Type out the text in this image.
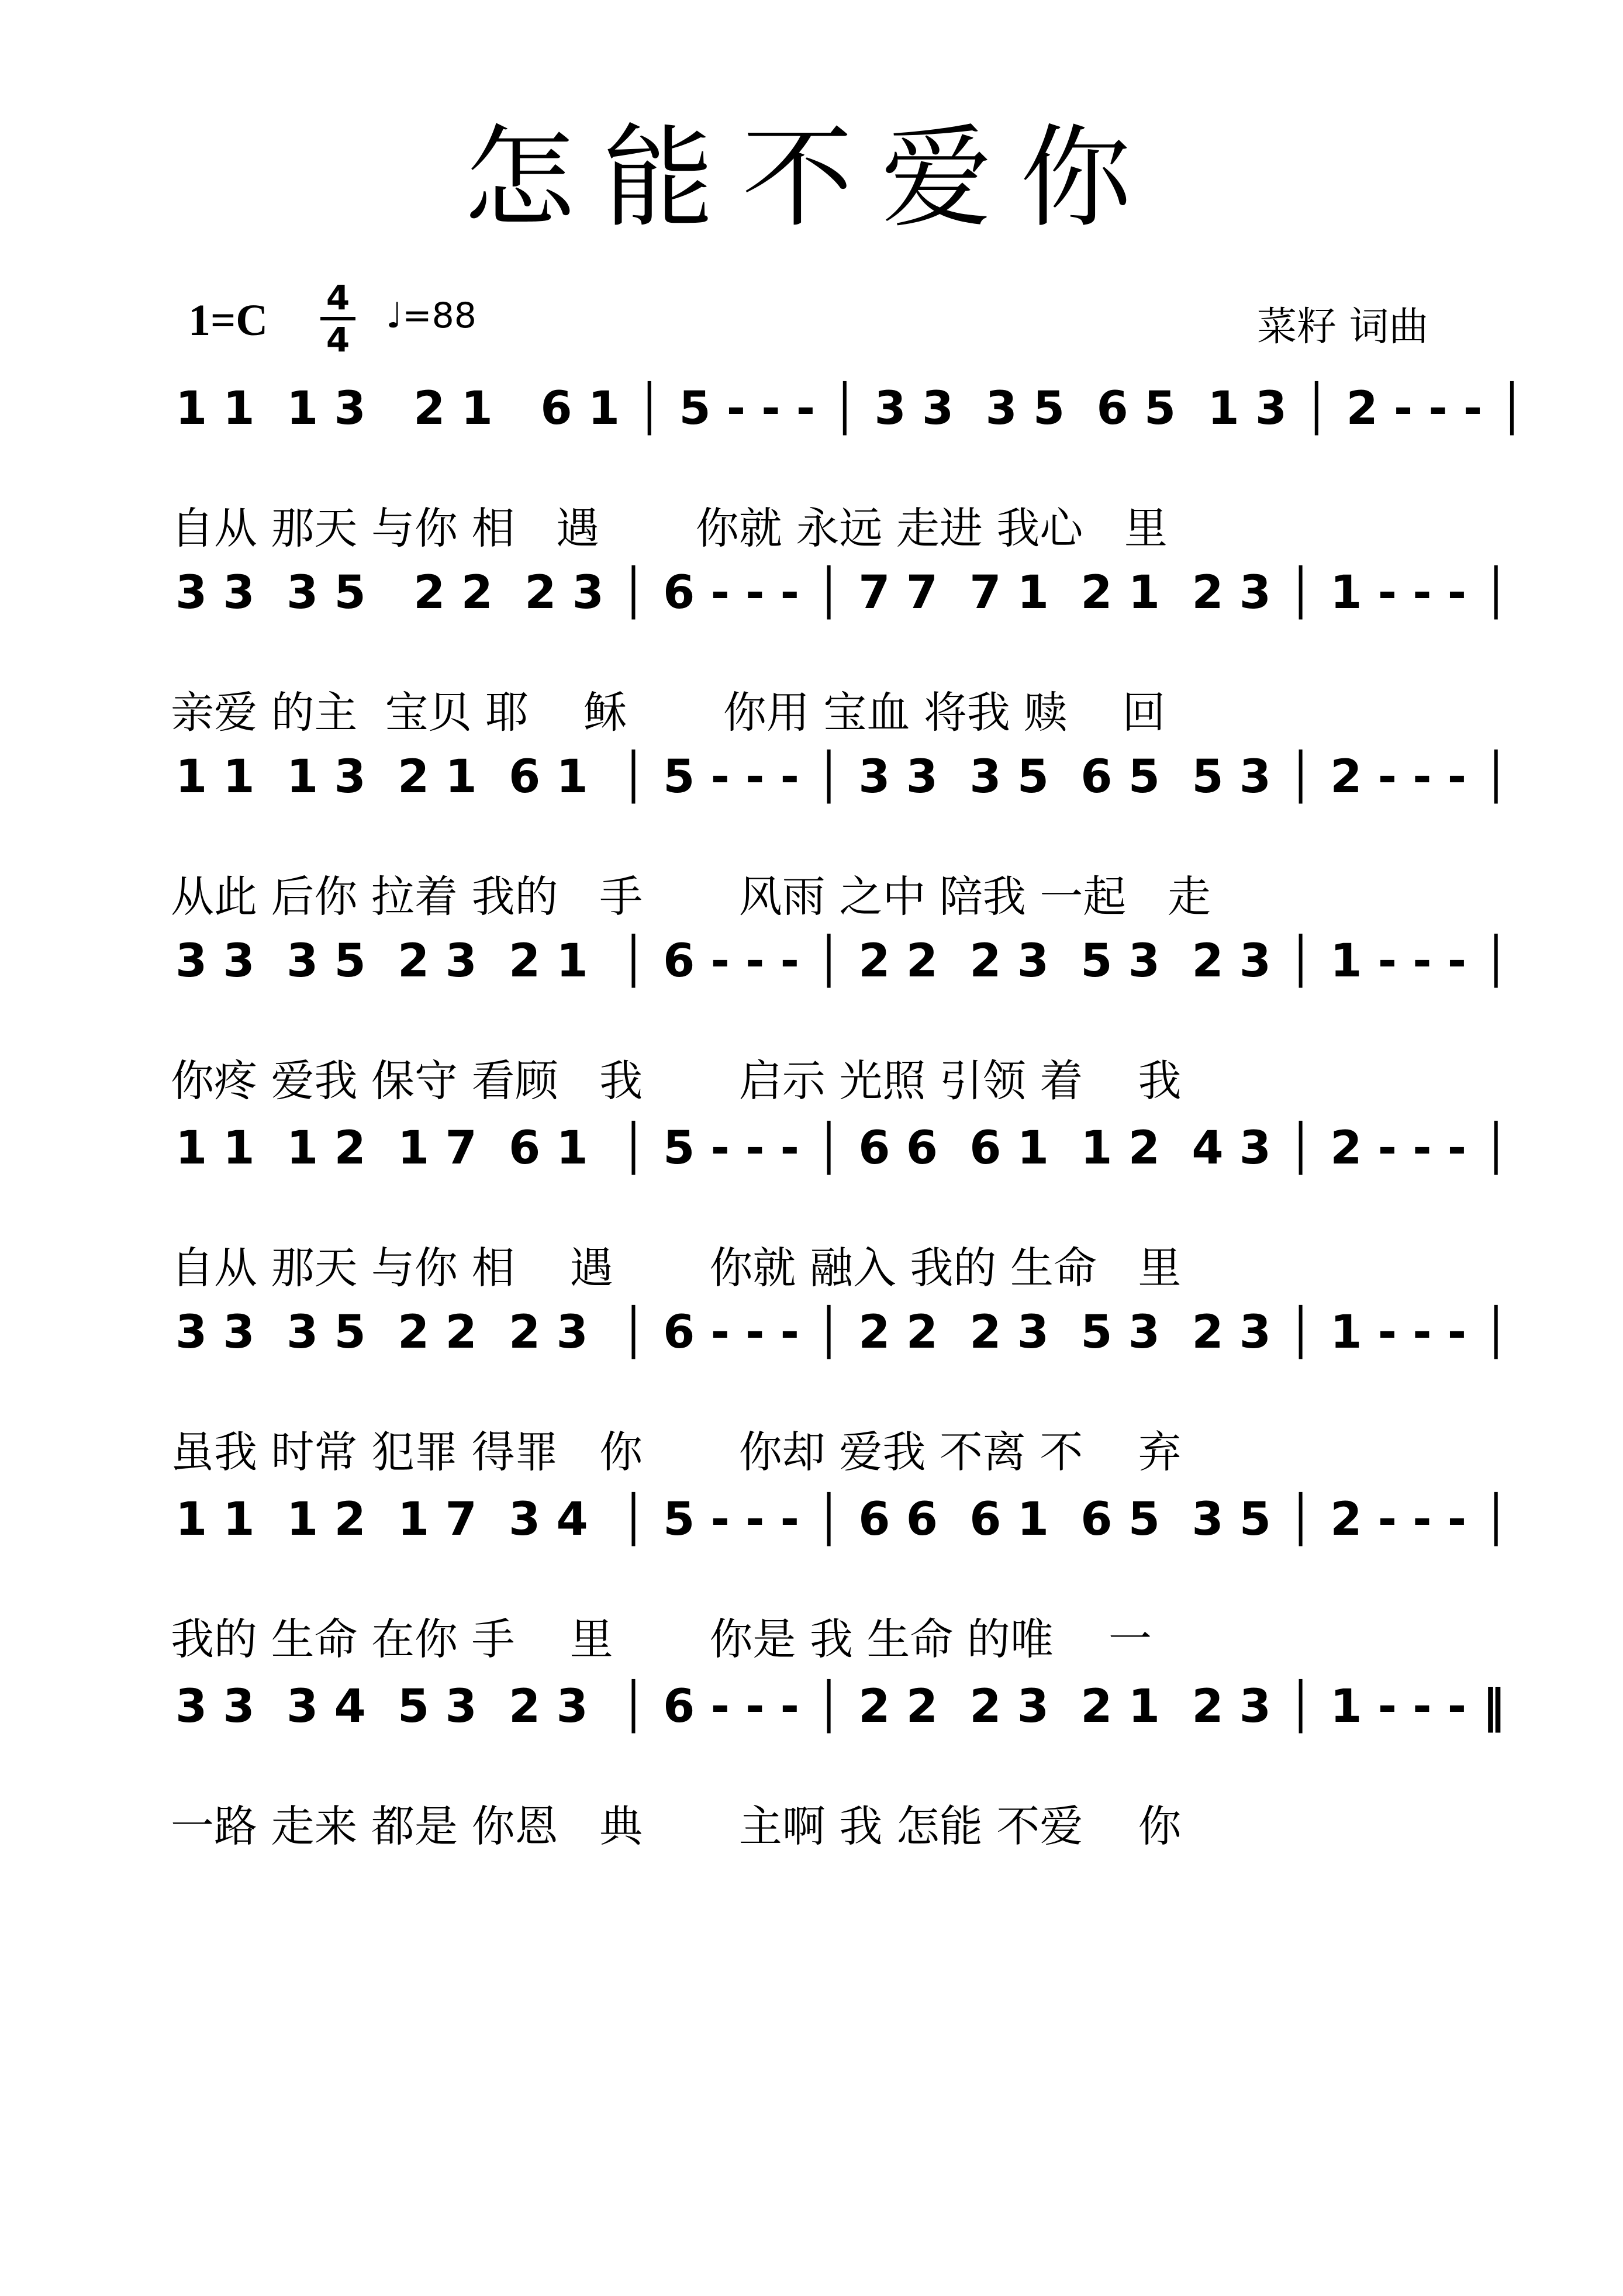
怎能不爱你
$1=C \frac{4}{4}$ ♩=88	菜籽 词曲
1 1  1 3   2 1   6 1 │ 5 - - - │ 3 3  3 5  6 5  1 3 │ 2 - - - │
自从 那天 与你 相   遇       你就 永远 走进 我心   里
3 3  3 5   2 2  2 3 │ 6 - - - │ 7 7  7 1  2 1  2 3 │ 1 - - - │
亲爱 的主  宝贝 耶    稣       你用 宝血 将我 赎    回
1 1  1 3  2 1  6 1  │ 5 - - - │ 3 3  3 5  6 5  5 3 │ 2 - - - │
从此 后你 拉着 我的   手       风雨 之中 陪我 一起   走
3 3  3 5  2 3  2 1  │ 6 - - - │ 2 2  2 3  5 3  2 3 │ 1 - - - │
你疼 爱我 保守 看顾   我       启示 光照 引领 着    我
1 1  1 2  1 7  6 1  │ 5 - - - │ 6 6  6 1  1 2  4 3 │ 2 - - - │
自从 那天 与你 相    遇       你就 融入 我的 生命   里
3 3  3 5  2 2  2 3  │ 6 - - - │ 2 2  2 3  5 3  2 3 │ 1 - - - │
虽我 时常 犯罪 得罪   你       你却 爱我 不离 不    弃
1 1  1 2  1 7  3 4  │ 5 - - - │ 6 6  6 1  6 5  3 5 │ 2 - - - │
我的 生命 在你 手    里       你是 我 生命 的唯    一
3 3  3 4  5 3  2 3  │ 6 - - - │ 2 2  2 3  2 1  2 3 │ 1 - - - ‖
一路 走来 都是 你恩   典       主啊 我 怎能 不爱    你
